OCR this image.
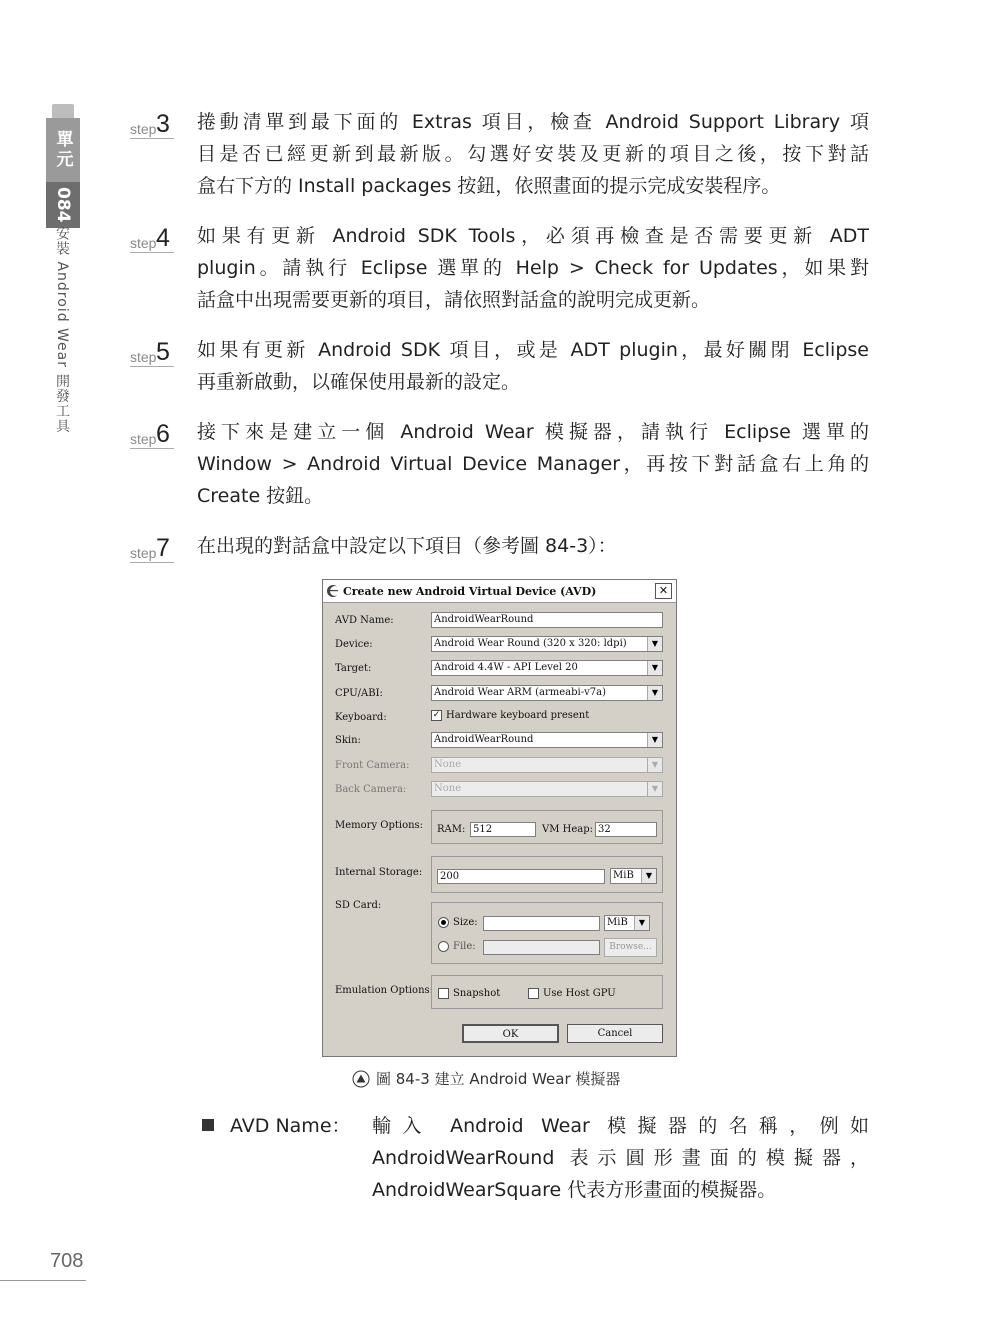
單元
084
安裝 Android Wear 開發工具
step 3 捲動清單到最下面的 Extras 項目，檢查 Android Support Library 項
目是否已經更新到最新版。勾選好安裝及更新的項目之後，按下對話
盒右下方的 Install packages 按鈕，依照畫面的提示完成安裝程序。
step 4 如果有更新 Android SDK Tools，必須再檢查是否需要更新 ADT
plugin。請執行 Eclipse 選單的 Help > Check for Updates，如果對
話盒中出現需要更新的項目，請依照對話盒的說明完成更新。
step 5 如果有更新 Android SDK 項目，或是 ADT plugin，最好關閉 Eclipse
再重新啟動，以確保使用最新的設定。
step 6 接下來是建立一個 Android Wear 模擬器，請執行 Eclipse 選單的
Window > Android Virtual Device Manager，再按下對話盒右上角的
Create 按鈕。
step 7 在出現的對話盒中設定以下項目（參考圖 84-3）：
Create new Android Virtual Device (AVD)	✕
AVD Name:	AndroidWearRound
Device:	Android Wear Round (320 x 320: ldpi)	▼
Target:	Android 4.4W - API Level 20	▼
CPU/ABI:	Android Wear ARM (armeabi-v7a)	▼
Keyboard:	✓ Hardware keyboard present
Skin:	AndroidWearRound	▼
Front Camera:	None	▼
Back Camera:	None	▼
Memory Options: RAM: 512	VM Heap: 32
Internal Storage:	200	MiB	▼
SD Card:
Size:	MiB	▼
File:	Browse...
Emulation Options:	Snapshot	Use Host GPU
OK	Cancel
圖 84-3 建立 Android Wear 模擬器
AVD Name： 輸入 Android Wear 模擬器的名稱，例如
AndroidWearRound 表示圓形畫面的模擬器，
AndroidWearSquare 代表方形畫面的模擬器。
708
